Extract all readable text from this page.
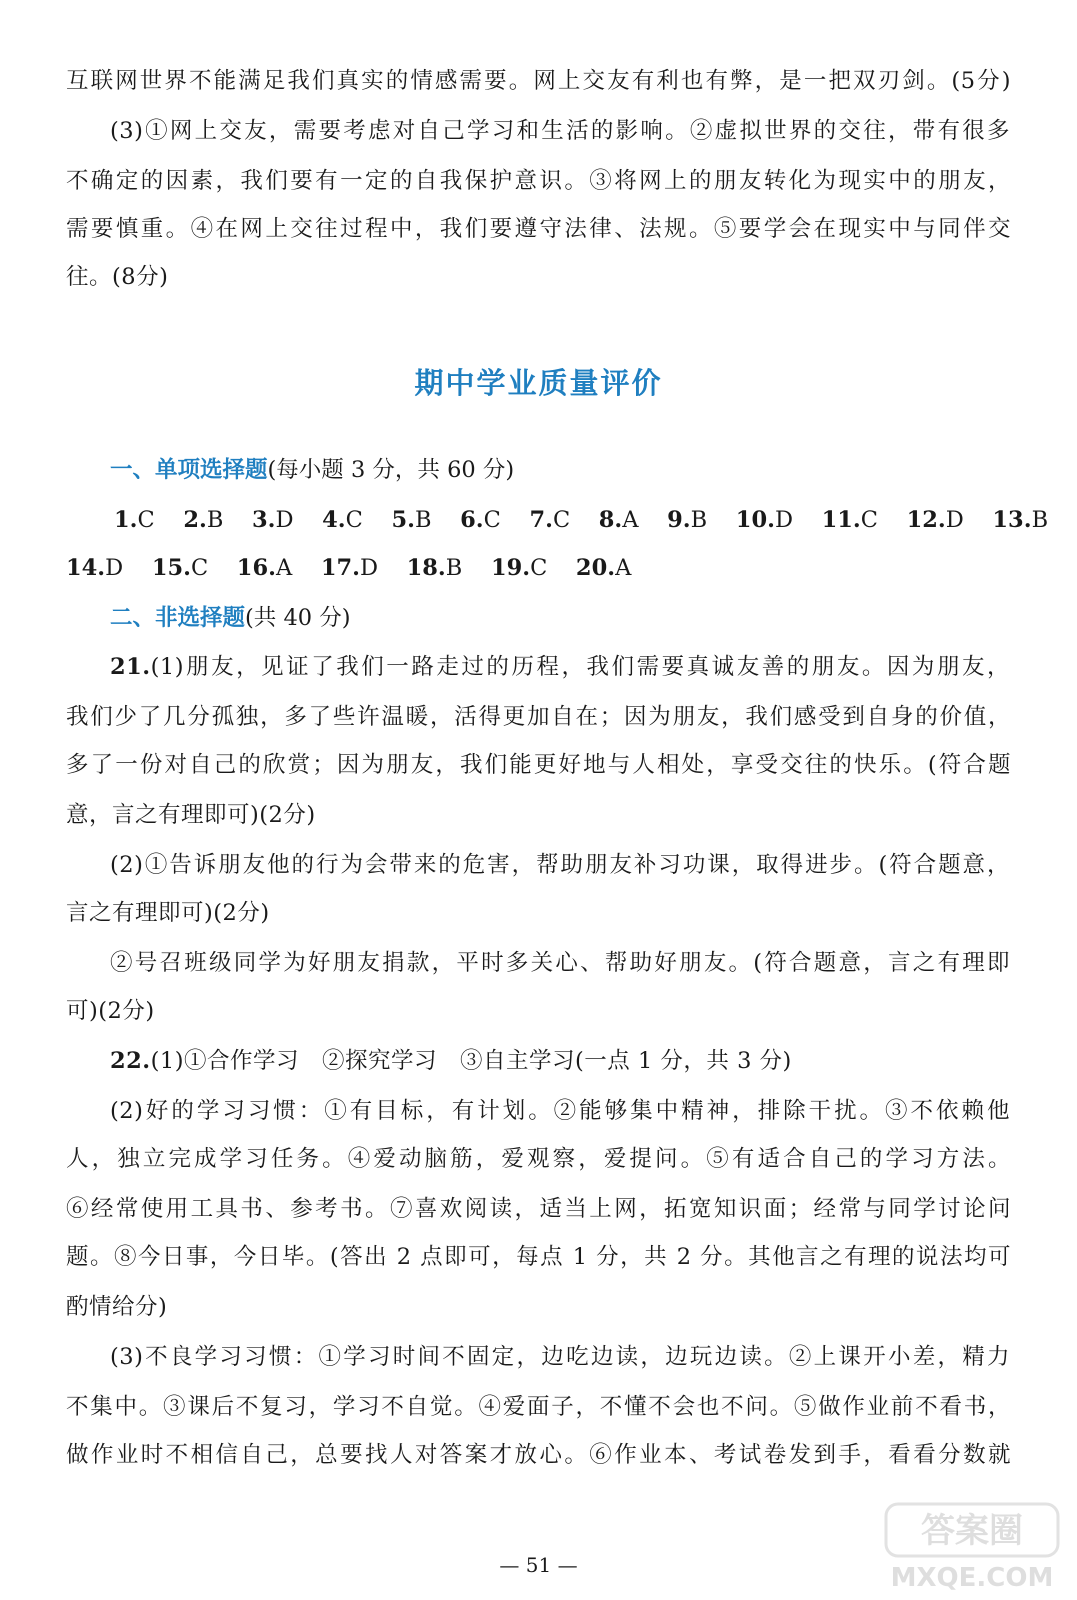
互联网世界不能满足我们真实的情感需要。网上交友有利也有弊，是一把双刃剑。(5分)
(3)①网上交友，需要考虑对自己学习和生活的影响。②虚拟世界的交往，带有很多
不确定的因素，我们要有一定的自我保护意识。③将网上的朋友转化为现实中的朋友，
需要慎重。④在网上交往过程中，我们要遵守法律、法规。⑤要学会在现实中与同伴交
往。(8分)
期中学业质量评价
一、单项选择题(每小题 3 分，共 60 分)
1.C 2.B 3.D 4.C 5.B 6.C 7.C 8.A 9.B 10.D 11.C 12.D 13.B
14.D 15.C 16.A 17.D 18.B 19.C 20.A
二、非选择题(共 40 分)
21.(1)朋友，见证了我们一路走过的历程，我们需要真诚友善的朋友。因为朋友，
我们少了几分孤独，多了些许温暖，活得更加自在；因为朋友，我们感受到自身的价值，
多了一份对自己的欣赏；因为朋友，我们能更好地与人相处，享受交往的快乐。(符合题
意，言之有理即可)(2分)
(2)①告诉朋友他的行为会带来的危害，帮助朋友补习功课，取得进步。(符合题意，
言之有理即可)(2分)
②号召班级同学为好朋友捐款，平时多关心、帮助好朋友。(符合题意，言之有理即
可)(2分)
22.(1)①合作学习　②探究学习　③自主学习(一点 1 分，共 3 分)
(2)好的学习习惯：①有目标，有计划。②能够集中精神，排除干扰。③不依赖他
人，独立完成学习任务。④爱动脑筋，爱观察，爱提问。⑤有适合自己的学习方法。
⑥经常使用工具书、参考书。⑦喜欢阅读，适当上网，拓宽知识面；经常与同学讨论问
题。⑧今日事，今日毕。(答出 2 点即可，每点 1 分，共 2 分。其他言之有理的说法均可
酌情给分)
(3)不良学习习惯：①学习时间不固定，边吃边读，边玩边读。②上课开小差，精力
不集中。③课后不复习，学习不自觉。④爱面子，不懂不会也不问。⑤做作业前不看书，
做作业时不相信自己，总要找人对答案才放心。⑥作业本、考试卷发到手，看看分数就
— 51 —
答案圈
MXQE.COM
